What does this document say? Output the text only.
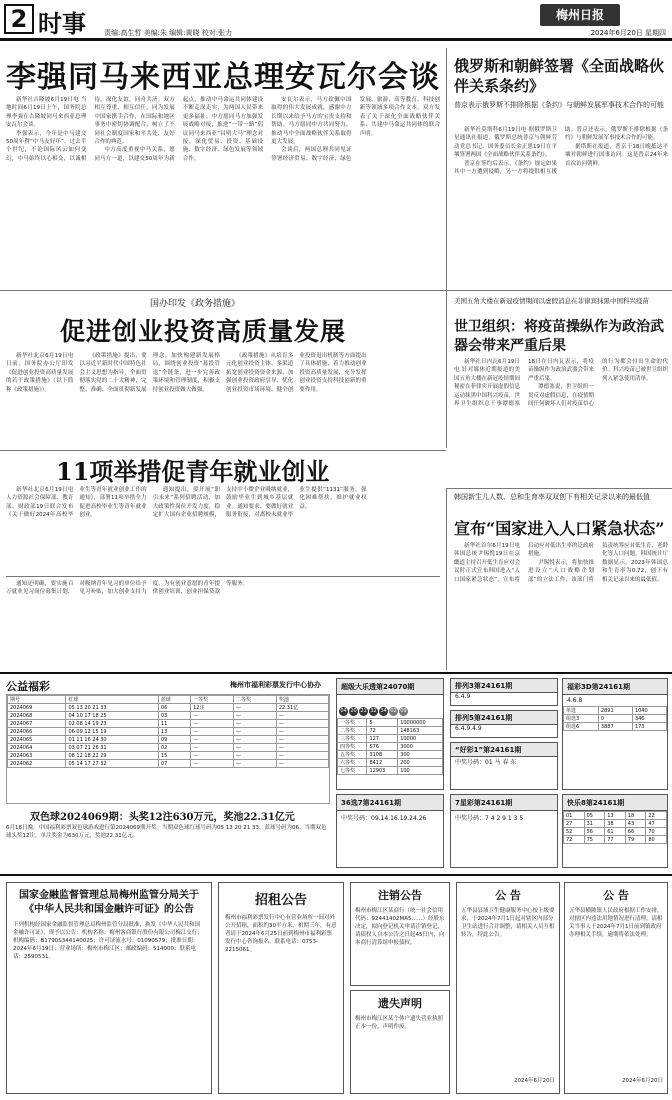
2 时事	责编:高生哲 美编:朱 编辑:黄晓 校对:张力
梅州日报
2024年6月20日 星期四
李强同马来西亚总理安瓦尔会谈

新华社吉隆坡6月19日电 当地时间6月19日上午，国务院总理李强在吉隆坡同马来西亚总理安瓦尔会谈。

李强表示，今年是中马建交50周年暨“中马友好年”。过去半个世纪，不论国际风云如何变幻，中马始终以心相交，以诚相待，深化友谊，同舟共济。双方相互尊重、相互信任，同为发展中国家携手合作，在国际和地区事务中密切协调配合，树立了不同社会制度国家和平共处、友好合作的典范。

中方高度重视中马关系，愿同马方一道，以建交50周年为新起点，推动中马命运共同体建设不断走深走实，为两国人民带来更多福祉。中方愿同马方加强发展战略对接，推进“一带一路”倡议同马来西亚“昌明大马”理念对接，深化贸易、投资、基础设施、数字经济、绿色发展等领域合作。

安瓦尔表示，马方钦佩中国取得的伟大发展成就，感谢中方长期以来给予马方的宝贵支持和帮助。马方愿同中方共同努力，推动马中全面战略伙伴关系取得更大发展。

会谈后，两国总理共同见证签署经济贸易、数字经济、绿色发展、旅游、高等教育、科技创新等领域多项合作文本。双方发表了关于深化全面战略伙伴关系、共建中马命运共同体的联合声明。

俄罗斯和朝鲜签署《全面战略伙伴关系条约》
普京表示俄罗斯不排除根据《条约》与朝鲜发展军事技术合作的可能

新华社莫斯科6月19日电 据俄罗斯卫星通讯社报道，俄罗斯总统普京与朝鲜劳动党总书记、国务委员长金正恩19日在平壤签署两国《全面战略伙伴关系条约》。

普京在签约后表示，《条约》规定如果其中一方遭到侵略，另一方将提供相互援助。普京还表示，俄罗斯不排除根据《条约》与朝鲜发展军事技术合作的可能。

据塔斯社报道，普京于18日晚抵达平壤对朝鲜进行国事访问。这是普京24年来首次访问朝鲜。

国办印发《政务措施》
促进创业投资高质量发展

新华社北京6月19日电 日前，国务院办公厅印发《促进创业投资高质量发展的若干政策措施》（以下简称《政策措施》）。

《政策措施》提出，要以习近平新时代中国特色社会主义思想为指导，全面贯彻落实党的二十大精神，完整、准确、全面贯彻新发展理念，加快构建新发展格局，围绕创业投资“募投管退”全链条，进一步完善政策环境和管理制度，积极支持创业投资做大做强。

《政策措施》从培育多元化创业投资主体、多渠道拓宽创业投资资金来源、加强创业投资政府引导、优化创业投资市场环境、健全创业投资退出机制等方面提出了具体措施，着力推动创业投资高质量发展，充分发挥创业投资支持科技创新的重要作用。

美国五角大楼在新冠疫情期间以虚假消息在菲律宾抹黑中国科兴疫苗
世卫组织：将疫苗操纵作为政治武器会带来严重后果

新华社日内瓦6月19日电 针对媒体近期报道的美国五角大楼在新冠疫情期间秘密在菲律宾开展虚假信息运动抹黑中国科兴疫苗，世界卫生组织总干事谭德塞18日在日内瓦表示，将疫苗操纵作为政治武器会带来严重后果。

谭德塞说，世卫组织一贯反对虚假信息，在疫情期间任何破坏人们对疫苗信心的行为都会付出生命的代价。科兴疫苗已被世卫组织列入紧急使用清单。

11项举措促青年就业创业

新华社北京6月19日电 人力资源社会保障部、教育部、财政部19日联合发布《关于做好2024年高校毕业生等青年就业创业工作的通知》，部署11项举措全力促进高校毕业生等青年就业创业。

通知提出，要开展“职引未来”系列招聘活动，加大政策性岗位开发力度，稳定扩大国有企业招聘规模，支持中小微企业吸纳就业，鼓励毕业生到城乡基层就业。通知要求，要做好就业服务衔接，对离校未就业毕业生提供“1131”服务，强化困难帮扶，维护就业权益。

通知还明确，要实施百万就业见习岗位募集计划，对吸纳青年见习的单位给予见习补贴，加大创业支持力度，为有创业意愿的青年提供创业培训、创业担保贷款等服务。

韩国新生儿人数、总和生育率双双创下有相关记录以来的最低值
宣布“国家进入人口紧急状态”

新华社首尔6月19日电 韩国总统尹锡悦19日在京畿道主持召开低生育应对会议时正式宣布韩国进入“人口国家紧急状态”，宣布将启动应对低出生率的泛政府措施。

尹锡悦表示，将加快推进设立“人口战略企划部”的立法工作，该部门将负责统筹应对低生育、老龄化等人口问题。韩国统计厅数据显示，2023年韩国总和生育率为0.72，创下有相关记录以来的最低值。

公益福彩	梅州市福利彩票发行中心协办
期号	红球	蓝球	一等奖	二等奖	奖池
2024069	05 13 20 21 33	06	12注	—	22.31亿
2024068	04 10 17 18 25	03	—	—	—
2024067	02 08 14 19 23	11	—	—	—
2024066	06 09 12 15 19	13	—	—	—
2024065	01 11 16 24 30	09	—	—	—
2024064	03 07 21 26 31	02	—	—	—
2024063	08 12 18 22 29	15	—	—	—
2024062	05 14 17 27 32	07	—	—	—
双色球2024069期：头奖12注630万元，奖池22.31亿元
6月18日晚，中国福利彩票双色球游戏进行第2024069期开奖。当期双色球红球号码为05 13 20 21 33，蓝球号码为06。当期双色球头奖12注，单注奖金为630万元，奖池22.31亿元。
超级大乐透第24070期
04 20 21 32 34 02 09
一等奖	5	10000000
二等奖	72	148163
三等奖	127	10000
四等奖	576	3000
五等奖	3108	300
六等奖	8412	200
七等奖	12903	100
排列3第24161期
6.4.9
排列5第24161期
6.4.9.4.9
“好彩1”第24161期
中奖号码：01 马 春 东
福彩3D第24161期
4.6.8
单选	2891	1040
组选3	0	346
组选6	3887	173
36选7第24161期
中奖号码：09.14.16.19.24.26
7星彩第24161期
中奖号码：7 4 2 9 1 3 5
快乐8第24161期
01	05	13	18	22
27	31	38	43	47
52	56	61	66	70
72	75	77	79	80
国家金融监督管理总局梅州监管分局关于《中华人民共和国金融许可证》的公告
下列机构经国家金融监督管理总局梅州监管分局批准，换发《中华人民共和国金融许可证》，现予以公告：机构名称：梅州客商银行股份有限公司梅江支行；机构编码：B1790S344140025；许可证流水号：01090579；批准日期：2024年6月19日；营业场所：梅州市梅江区；邮政编码：514000；联系电话：2590531。
招租公告
梅州市福利彩票发行中心有营业场所一间对外公开招租，面积约30平方米，租期三年，有意者请于2024年6月25日前到梅州市福利彩票发行中心咨询报名。联系电话：0753-2215061。
注销公告
梅州市梅江区某商行（统一社会信用代码：92441402MA5……）经股东决定，拟向登记机关申请注销登记，请债权人自本公告之日起45日内，向本商行清算组申报债权。
遗失声明
梅州市梅江区某个体户遗失营业执照正本一份，声明作废。
公 告
五华县县域卫生健康服务中心按上级要求，于2024年7月1日起对辖区内部分卫生站进行合并调整，请相关人员互相转告，特此公告。
2024年6月20日
公 告
五华县横陂镇人民政府根据工作安排，对辖区内违法用地情况进行清理，请相关当事人于2024年7月1日前到镇政府办理相关手续，逾期将依法处理。
2024年6月20日
